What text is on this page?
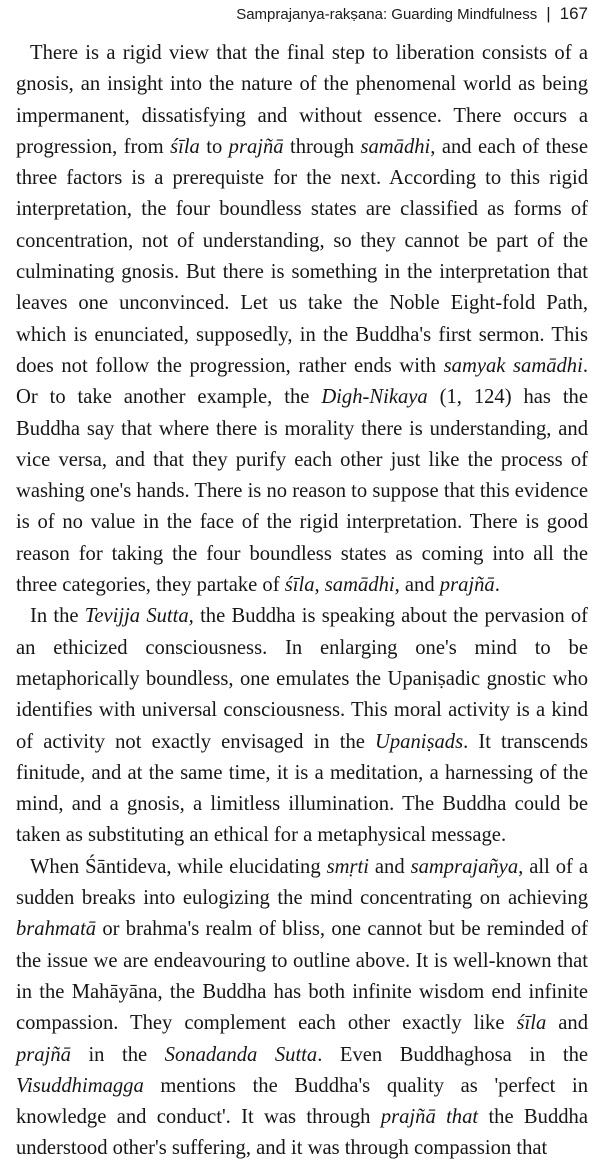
Samprajanya-rakṣana: Guarding Mindfulness | 167

There is a rigid view that the final step to liberation consists of a gnosis, an insight into the nature of the phenomenal world as being impermanent, dissatisfying and without essence. There occurs a progression, from śīla to prajñā through samādhi, and each of these three factors is a prerequiste for the next. According to this rigid interpretation, the four boundless states are classified as forms of concentration, not of understanding, so they cannot be part of the culminating gnosis. But there is something in the interpretation that leaves one unconvinced. Let us take the Noble Eight-fold Path, which is enunciated, supposedly, in the Buddha's first sermon. This does not follow the progression, rather ends with samyak samādhi. Or to take another example, the Digh-Nikaya (1, 124) has the Buddha say that where there is morality there is understanding, and vice versa, and that they purify each other just like the process of washing one's hands. There is no reason to suppose that this evidence is of no value in the face of the rigid interpretation. There is good reason for taking the four boundless states as coming into all the three categories, they partake of śīla, samādhi, and prajñā.

In the Tevijja Sutta, the Buddha is speaking about the pervasion of an ethicized consciousness. In enlarging one's mind to be metaphorically boundless, one emulates the Upaniṣadic gnostic who identifies with universal consciousness. This moral activity is a kind of activity not exactly envisaged in the Upaniṣads. It transcends finitude, and at the same time, it is a meditation, a harnessing of the mind, and a gnosis, a limitless illumination. The Buddha could be taken as substituting an ethical for a metaphysical message.

When Śāntideva, while elucidating smṛti and samprajañya, all of a sudden breaks into eulogizing the mind concentrating on achieving brahmatā or brahma's realm of bliss, one cannot but be reminded of the issue we are endeavouring to outline above. It is well-known that in the Mahāyāna, the Buddha has both infinite wisdom end infinite compassion. They complement each other exactly like śīla and prajñā in the Sonadanda Sutta. Even Buddhaghosa in the Visuddhimagga mentions the Buddha's quality as 'perfect in knowledge and conduct'. It was through prajñā that the Buddha understood other's suffering, and it was through compassion that
